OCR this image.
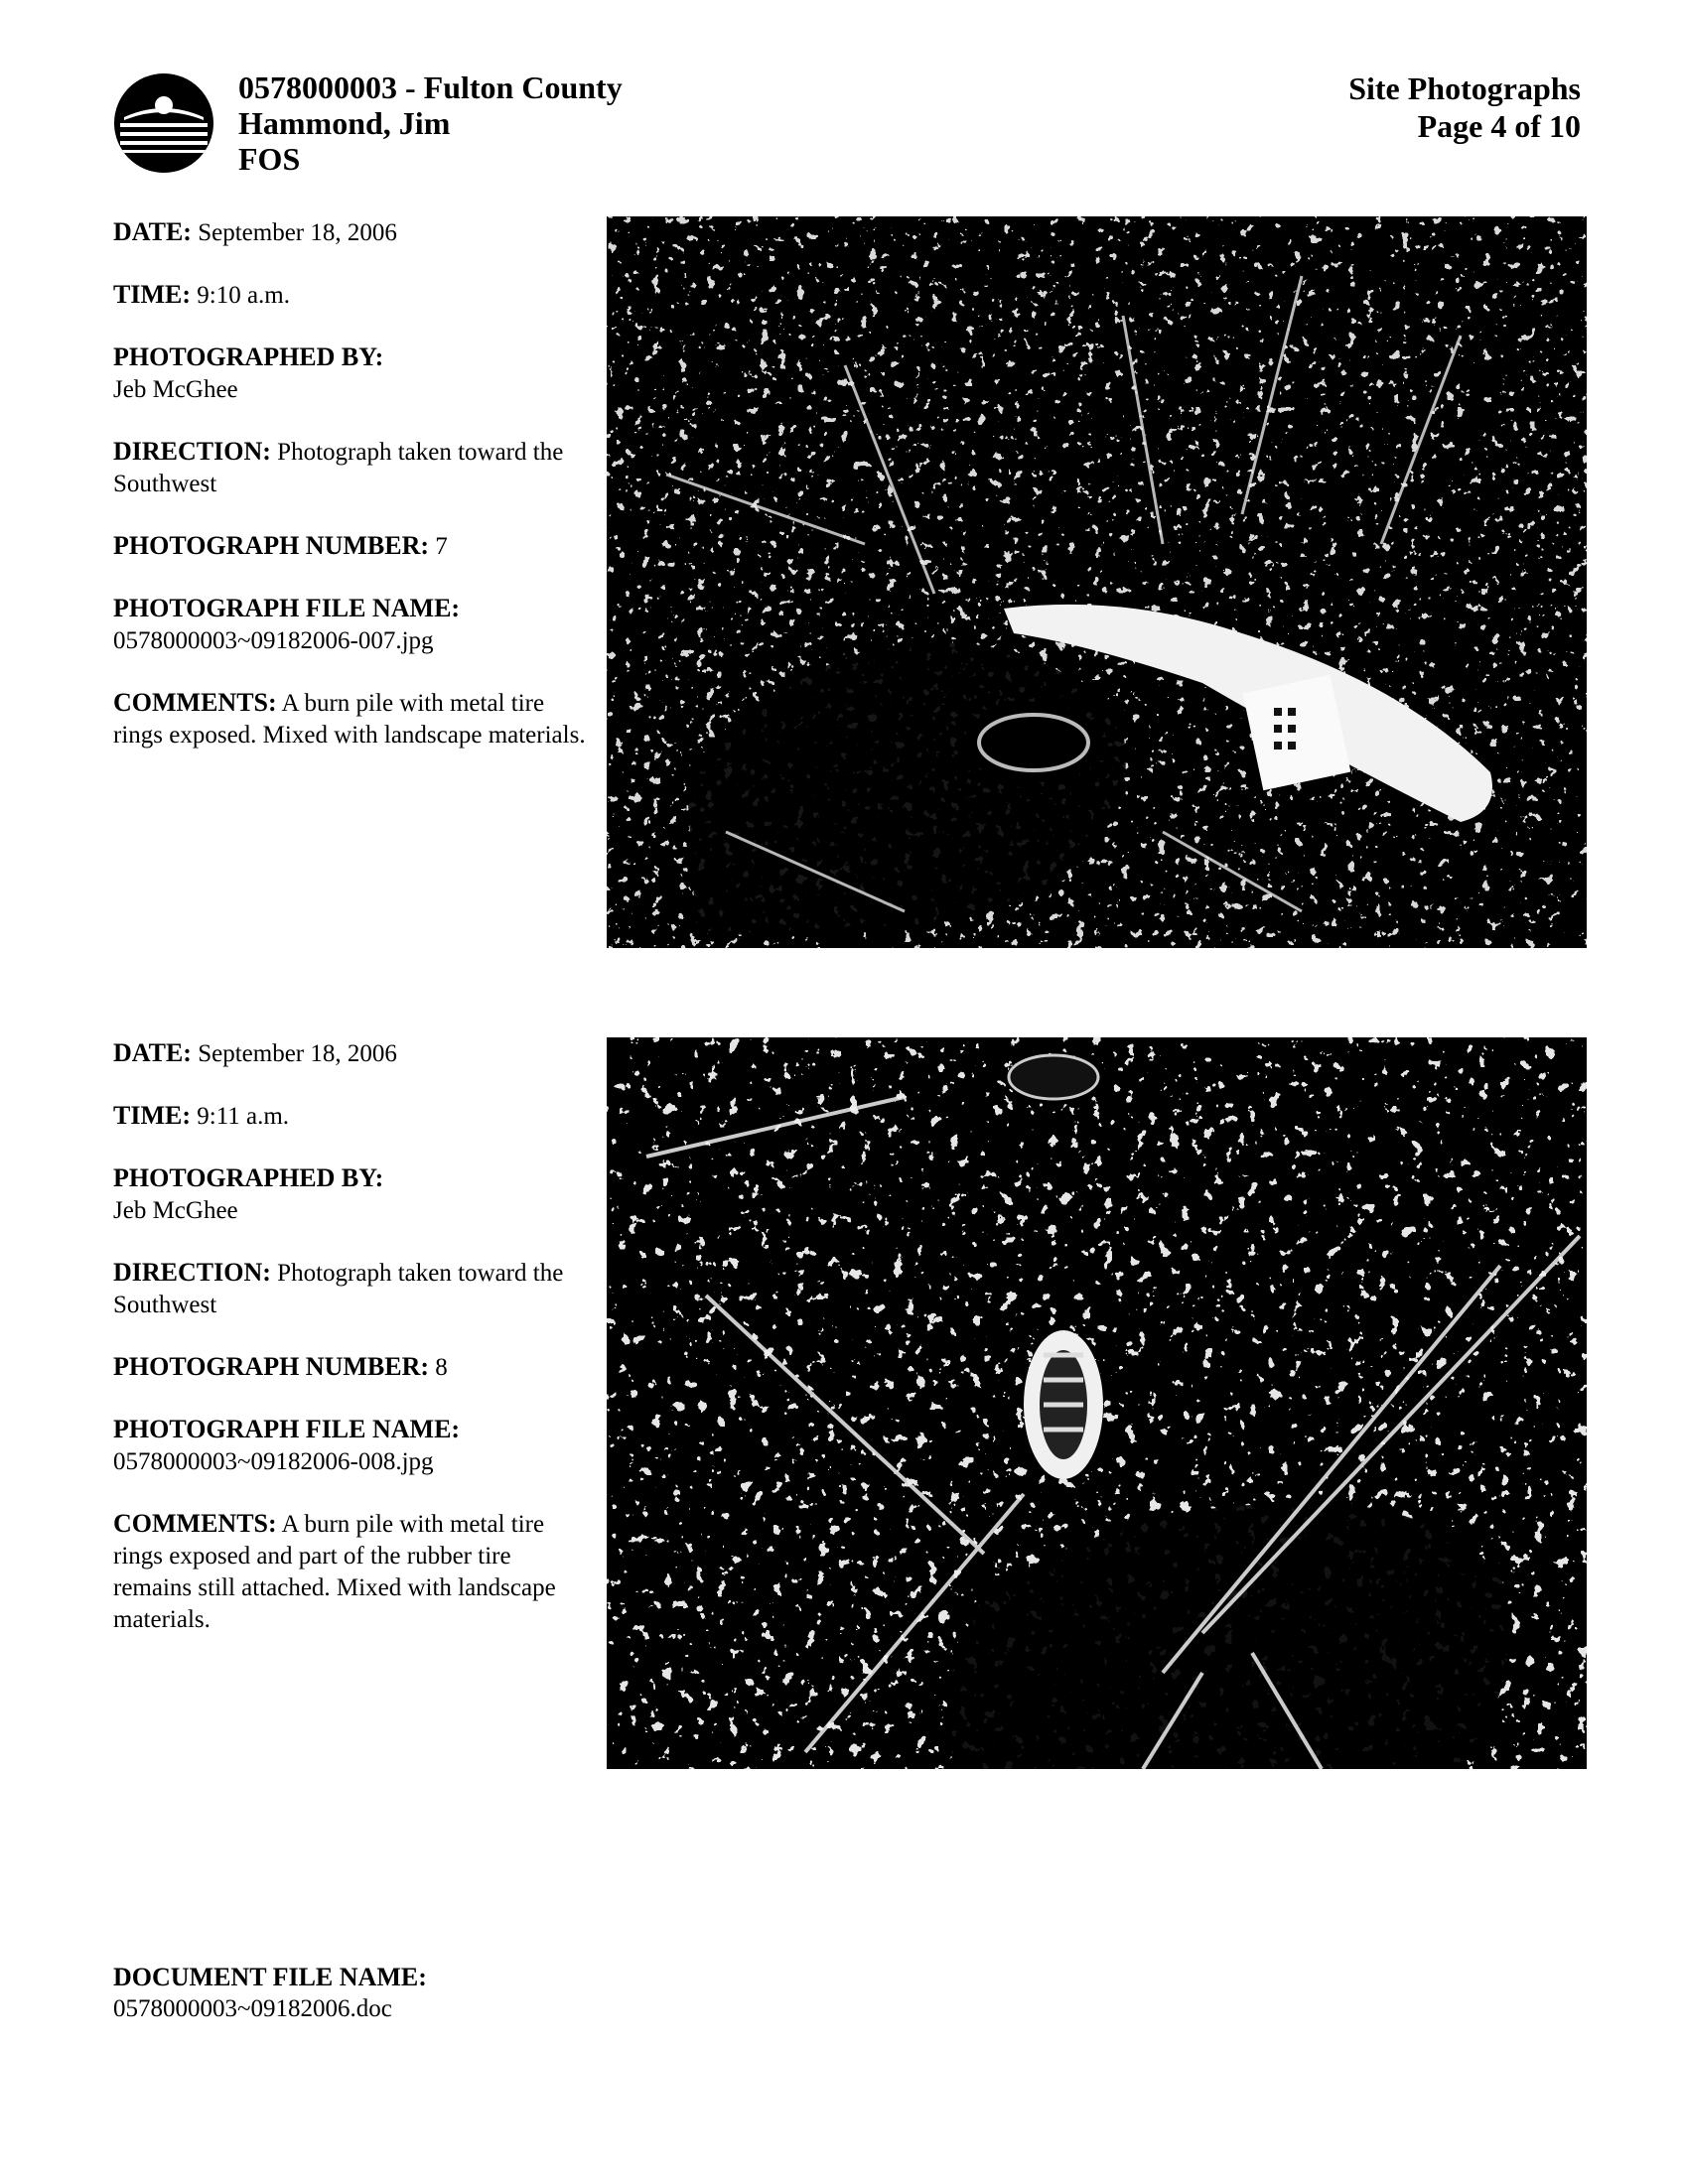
0578000003 - Fulton County
Hammond, Jim
FOS
Site Photographs
Page 4 of 10
DATE: September 18, 2006
TIME: 9:10 a.m.
PHOTOGRAPHED BY:
Jeb McGhee
DIRECTION: Photograph taken toward the Southwest
PHOTOGRAPH NUMBER: 7
PHOTOGRAPH FILE NAME:
0578000003~09182006-007.jpg
COMMENTS: A burn pile with metal tire rings exposed. Mixed with landscape materials.
DATE: September 18, 2006
TIME: 9:11 a.m.
PHOTOGRAPHED BY:
Jeb McGhee
DIRECTION: Photograph taken toward the Southwest
PHOTOGRAPH NUMBER: 8
PHOTOGRAPH FILE NAME:
0578000003~09182006-008.jpg
COMMENTS: A burn pile with metal tire rings exposed and part of the rubber tire remains still attached. Mixed with landscape materials.
DOCUMENT FILE NAME:
0578000003~09182006.doc
